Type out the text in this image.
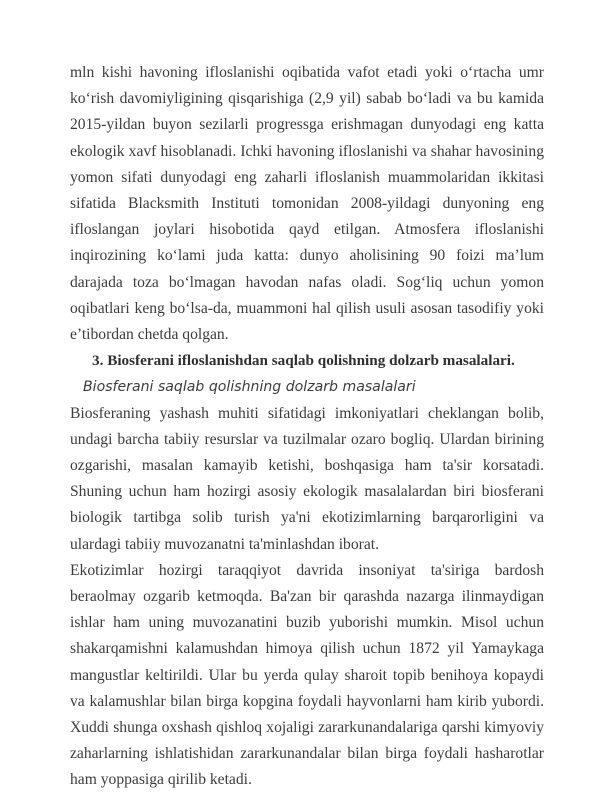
mln kishi havoning ifloslanishi oqibatida vafot etadi yoki oʻrtacha umr koʻrish davomiyligining qisqarishiga (2,9 yil) sabab boʻladi va bu kamida 2015-yildan buyon sezilarli progressga erishmagan dunyodagi eng katta ekologik xavf hisoblanadi. Ichki havoning ifloslanishi va shahar havosining yomon sifati dunyodagi eng zaharli ifloslanish muammolaridan ikkitasi sifatida Blacksmith Instituti tomonidan 2008-yildagi dunyoning eng ifloslangan joylari hisobotida qayd etilgan. Atmosfera ifloslanishi inqirozining koʻlami juda katta: dunyo aholisining 90 foizi ma’lum darajada toza boʻlmagan havodan nafas oladi. Sogʻliq uchun yomon oqibatlari keng boʻlsa-da, muammoni hal qilish usuli asosan tasodifiy yoki e’tibordan chetda qolgan.

3. Biosferani ifloslanishdan saqlab qolishning dolzarb masalalari.

Biosferani saqlab qolishning dolzarb masalalari

Biosferaning yashash muhiti sifatidagi imkoniyatlari cheklangan bolib, undagi barcha tabiiy resurslar va tuzilmalar ozaro bogliq. Ulardan birining ozgarishi, masalan kamayib ketishi, boshqasiga ham ta'sir korsatadi. Shuning uchun ham hozirgi asosiy ekologik masalalardan biri biosferani biologik tartibga solib turish ya'ni ekotizimlarning barqarorligini va ulardagi tabiiy muvozanatni ta'minlashdan iborat.

Ekotizimlar hozirgi taraqqiyot davrida insoniyat ta'siriga bardosh beraolmay ozgarib ketmoqda. Ba'zan bir qarashda nazarga ilinmaydigan ishlar ham uning muvozanatini buzib yuborishi mumkin. Misol uchun shakarqamishni kalamushdan himoya qilish uchun 1872 yil Yamaykaga mangustlar keltirildi. Ular bu yerda qulay sharoit topib benihoya kopaydi va kalamushlar bilan birga kopgina foydali hayvonlarni ham kirib yubordi. Xuddi shunga oxshash qishloq xojaligi zararkunandalariga qarshi kimyoviy zaharlarning ishlatishidan zararkunandalar bilan birga foydali hasharotlar ham yoppasiga qirilib ketadi.
